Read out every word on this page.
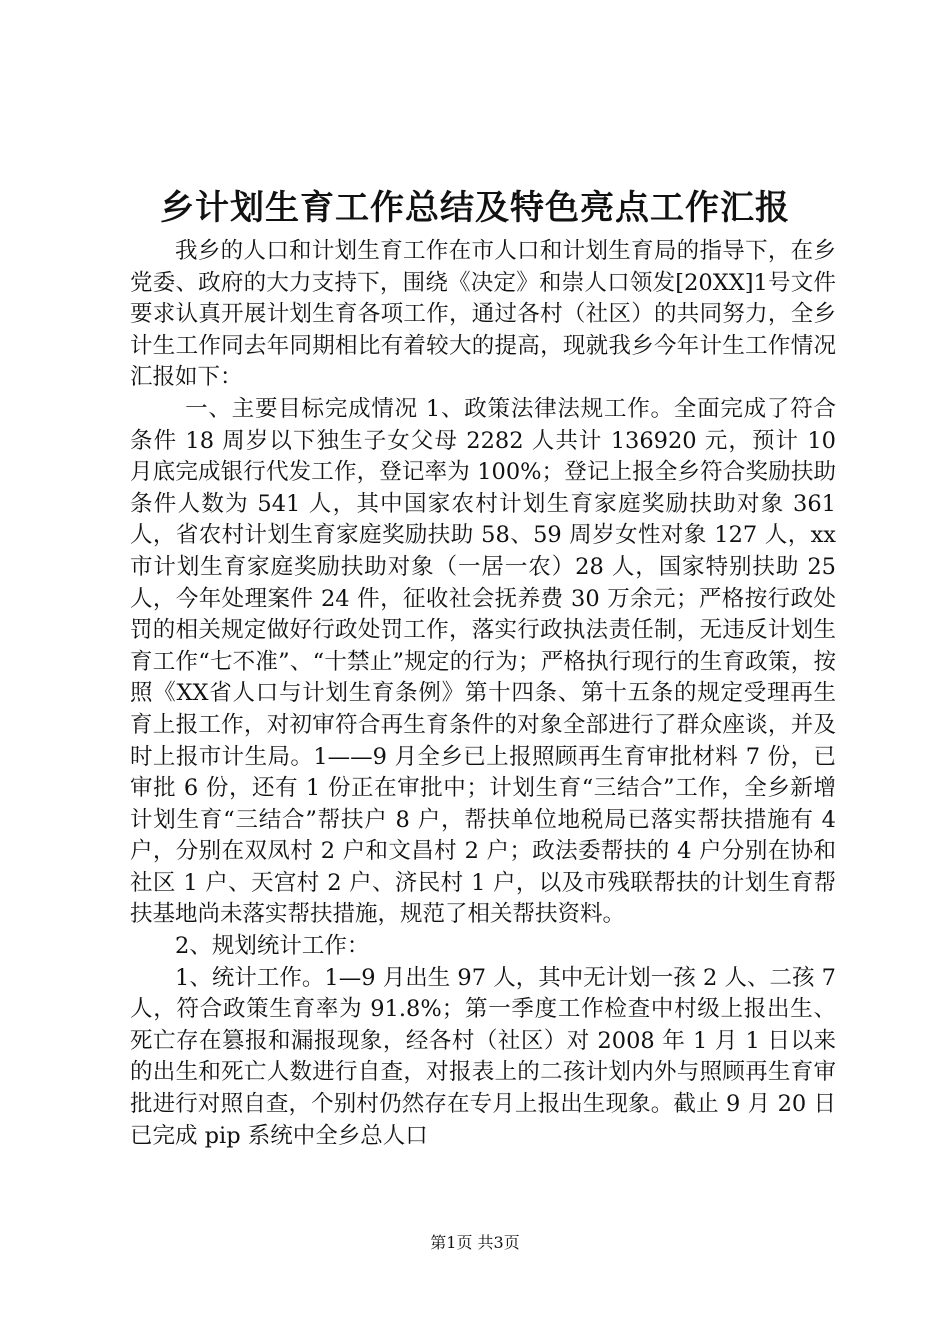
乡计划生育工作总结及特色亮点工作汇报

我乡的人口和计划生育工作在市人口和计划生育局的指导下，在乡党委、政府的大力支持下，围绕《决定》和崇人口领发[20XX]1号文件要求认真开展计划生育各项工作，通过各村（社区）的共同努力，全乡计生工作同去年同期相比有着较大的提高，现就我乡今年计生工作情况汇报如下：

一、主要目标完成情况 1、政策法律法规工作。全面完成了符合条件 18 周岁以下独生子女父母 2282 人共计 136920 元，预计 10 月底完成银行代发工作，登记率为 100%；登记上报全乡符合奖励扶助条件人数为 541 人，其中国家农村计划生育家庭奖励扶助对象 361 人，省农村计划生育家庭奖励扶助 58、59 周岁女性对象 127 人，xx 市计划生育家庭奖励扶助对象（一居一农）28 人，国家特别扶助 25 人，今年处理案件 24 件，征收社会抚养费 30 万余元；严格按行政处罚的相关规定做好行政处罚工作，落实行政执法责任制，无违反计划生育工作“七不准”、“十禁止”规定的行为；严格执行现行的生育政策，按照《XX省人口与计划生育条例》第十四条、第十五条的规定受理再生育上报工作，对初审符合再生育条件的对象全部进行了群众座谈，并及时上报市计生局。1——9 月全乡已上报照顾再生育审批材料 7 份，已审批 6 份，还有 1 份正在审批中；计划生育“三结合”工作，全乡新增计划生育“三结合”帮扶户 8 户，帮扶单位地税局已落实帮扶措施有 4 户，分别在双凤村 2 户和文昌村 2 户；政法委帮扶的 4 户分别在协和社区 1 户、天宫村 2 户、济民村 1 户，以及市残联帮扶的计划生育帮扶基地尚未落实帮扶措施，规范了相关帮扶资料。

2、规划统计工作：

1、统计工作。1—9 月出生 97 人，其中无计划一孩 2 人、二孩 7 人，符合政策生育率为 91.8%；第一季度工作检查中村级上报出生、死亡存在篡报和漏报现象，经各村（社区）对 2008 年 1 月 1 日以来的出生和死亡人数进行自查，对报表上的二孩计划内外与照顾再生育审批进行对照自查，个别村仍然存在专月上报出生现象。截止 9 月 20 日已完成 pip 系统中全乡总人口

第1页 共3页
